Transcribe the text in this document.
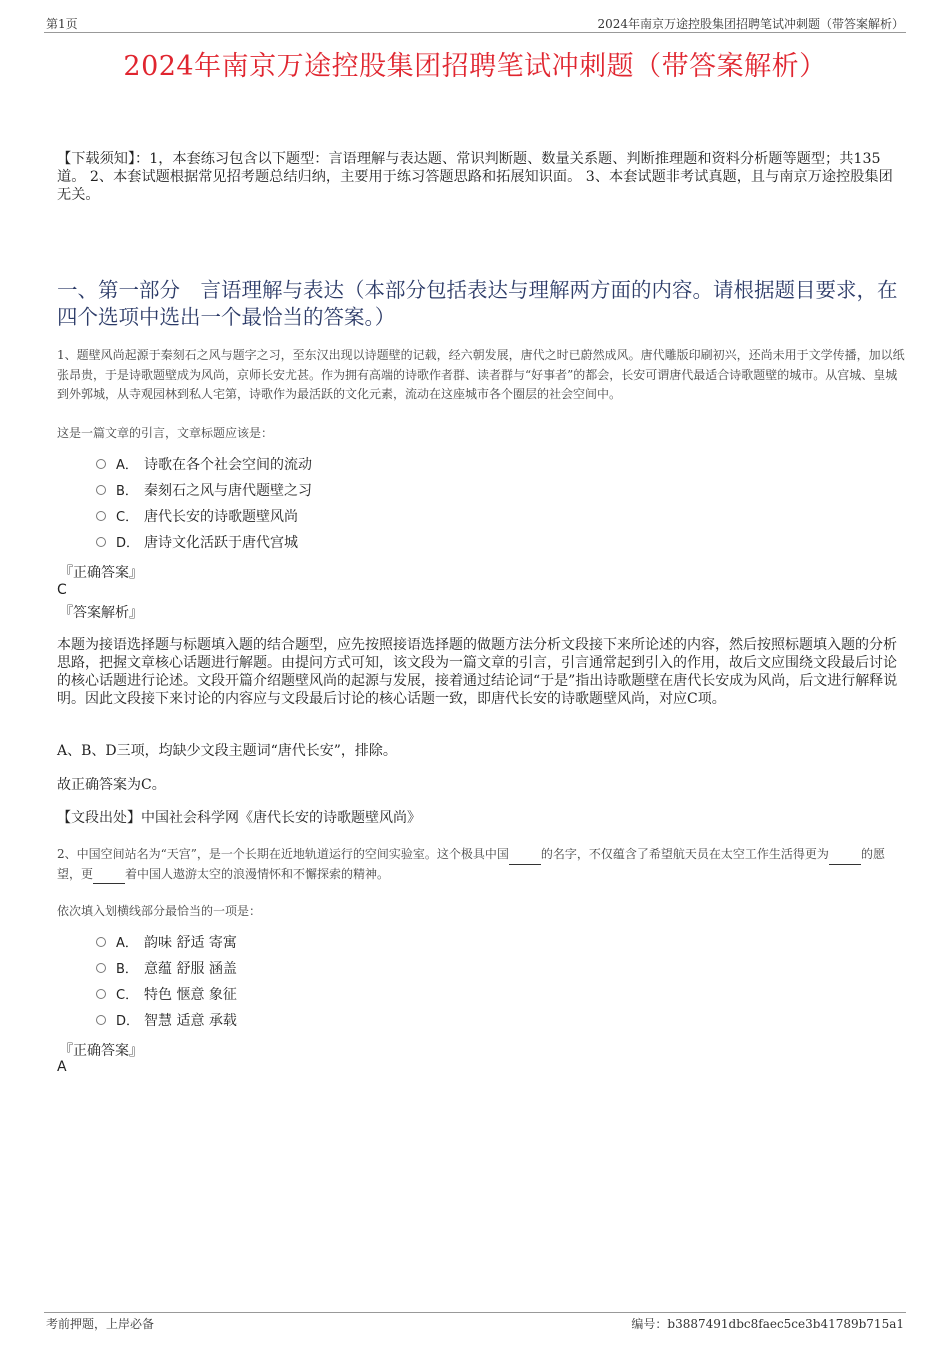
第1页	2024年南京万途控股集团招聘笔试冲刺题（带答案解析）
2024年南京万途控股集团招聘笔试冲刺题（带答案解析）
【下载须知】：1，本套练习包含以下题型：言语理解与表达题、常识判断题、数量关系题、判断推理题和资料分析题等题型；共135道。 2、本套试题根据常见招考题总结归纳，主要用于练习答题思路和拓展知识面。 3、本套试题非考试真题，且与南京万途控股集团无关。
一、第一部分　言语理解与表达（本部分包括表达与理解两方面的内容。请根据题目要求，在四个选项中选出一个最恰当的答案。）
1、题壁风尚起源于秦刻石之风与题字之习，至东汉出现以诗题壁的记载，经六朝发展，唐代之时已蔚然成风。唐代雕版印刷初兴，还尚未用于文学传播，加以纸张昂贵，于是诗歌题壁成为风尚，京师长安尤甚。作为拥有高端的诗歌作者群、读者群与“好事者”的都会，长安可谓唐代最适合诗歌题壁的城市。从宫城、皇城到外郭城，从寺观园林到私人宅第，诗歌作为最活跃的文化元素，流动在这座城市各个圈层的社会空间中。
这是一篇文章的引言，文章标题应该是：
A． 诗歌在各个社会空间的流动
B． 秦刻石之风与唐代题壁之习
C． 唐代长安的诗歌题壁风尚
D． 唐诗文化活跃于唐代宫城
『正确答案』
C
『答案解析』
本题为接语选择题与标题填入题的结合题型，应先按照接语选择题的做题方法分析文段接下来所论述的内容，然后按照标题填入题的分析思路，把握文章核心话题进行解题。由提问方式可知，该文段为一篇文章的引言，引言通常起到引入的作用，故后文应围绕文段最后讨论的核心话题进行论述。文段开篇介绍题壁风尚的起源与发展，接着通过结论词“于是”指出诗歌题壁在唐代长安成为风尚，后文进行解释说明。因此文段接下来讨论的内容应与文段最后讨论的核心话题一致，即唐代长安的诗歌题壁风尚，对应C项。
A、B、D三项，均缺少文段主题词“唐代长安”，排除。
故正确答案为C。
【文段出处】中国社会科学网《唐代长安的诗歌题壁风尚》
2、中国空间站名为“天宫”，是一个长期在近地轨道运行的空间实验室。这个极具中国	的名字，不仅蕴含了希望航天员在太空工作生活得更为	的愿望，更	着中国人遨游太空的浪漫情怀和不懈探索的精神。
依次填入划横线部分最恰当的一项是：
A． 韵味 舒适 寄寓
B． 意蕴 舒服 涵盖
C． 特色 惬意 象征
D． 智慧 适意 承载
『正确答案』
A
考前押题，上岸必备	编号：b3887491dbc8faec5ce3b41789b715a1
